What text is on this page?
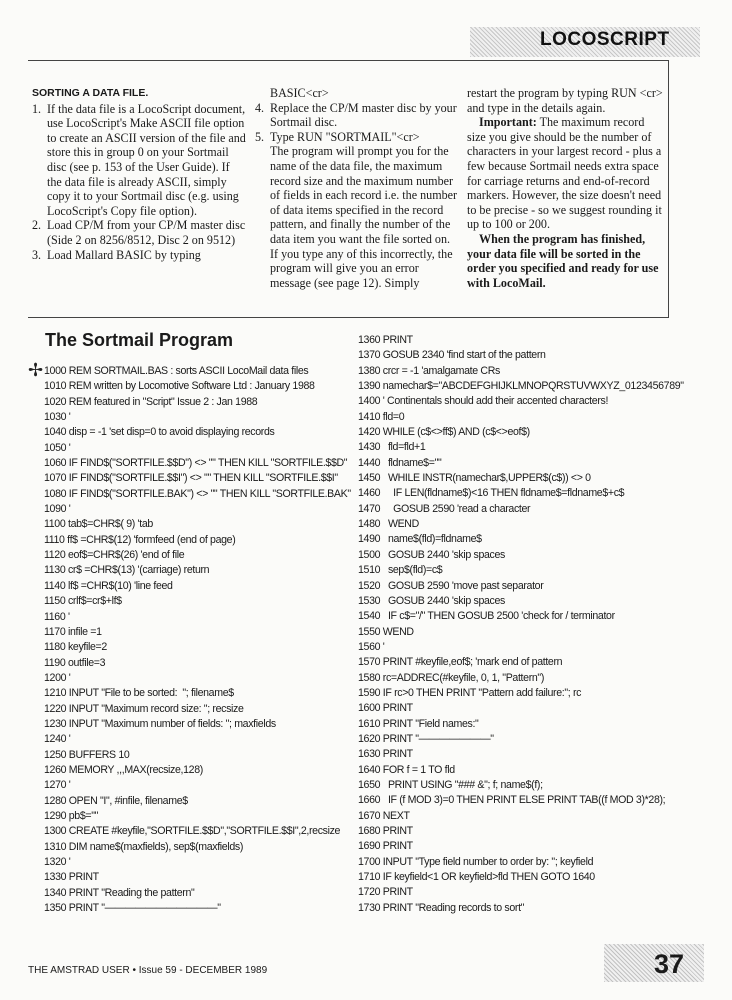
LOCOSCRIPT
SORTING A DATA FILE.
1. If the data file is a LocoScript document, use LocoScript's Make ASCII file option to create an ASCII version of the file and store this in group 0 on your Sortmail disc (see p. 153 of the User Guide). If the data file is already ASCII, simply copy it to your Sortmail disc (e.g. using LocoScript's Copy file option).
2. Load CP/M from your CP/M master disc (Side 2 on 8256/8512, Disc 2 on 9512)
3. Load Mallard BASIC by typing
BASIC<cr>
4. Replace the CP/M master disc by your Sortmail disc.
5. Type RUN "SORTMAIL"<cr>

The program will prompt you for the name of the data file, the maximum record size and the maximum number of fields in each record i.e. the number of data items specified in the record pattern, and finally the number of the data item you want the file sorted on. If you type any of this incorrectly, the program will give you an error message (see page 12). Simply

restart the program by typing RUN <cr> and type in the details again.

Important: The maximum record size you give should be the number of characters in your largest record - plus a few because Sortmail needs extra space for carriage returns and end-of-record markers. However, the size doesn't need to be precise - so we suggest rounding it up to 100 or 200.

When the program has finished, your data file will be sorted in the order you specified and ready for use with LocoMail.

The Sortmail Program
✢ 1000 REM SORTMAIL.BAS : sorts ASCII LocoMail data files
1010 REM written by Locomotive Software Ltd : January 1988
1020 REM featured in "Script" Issue 2 : Jan 1988
1030 '
1040 disp = -1 'set disp=0 to avoid displaying records
1050 '
1060 IF FIND$("SORTFILE.$$D") <> "" THEN KILL "SORTFILE.$$D"
1070 IF FIND$("SORTFILE.$$I") <> "" THEN KILL "SORTFILE.$$I"
1080 IF FIND$("SORTFILE.BAK") <> "" THEN KILL "SORTFILE.BAK"
1090 '
1100 tab$=CHR$( 9) 'tab
1110 ff$ =CHR$(12) 'formfeed (end of page)
1120 eof$=CHR$(26) 'end of file
1130 cr$ =CHR$(13) '(carriage) return
1140 lf$ =CHR$(10) 'line feed
1150 crlf$=cr$+lf$
1160 '
1170 infile =1
1180 keyfile=2
1190 outfile=3
1200 '
1210 INPUT "File to be sorted:  "; filename$
1220 INPUT "Maximum record size: "; recsize
1230 INPUT "Maximum number of fields: "; maxfields
1240 '
1250 BUFFERS 10
1260 MEMORY ,,,MAX(recsize,128)
1270 '
1280 OPEN "I", #infile, filename$
1290 pb$=""
1300 CREATE #keyfile,"SORTFILE.$$D","SORTFILE.$$I",2,recsize
1310 DIM name$(maxfields), sep$(maxfields)
1320 '
1330 PRINT
1340 PRINT "Reading the pattern"
1350 PRINT "———————————"
1360 PRINT
1370 GOSUB 2340 'find start of the pattern
1380 crcr = -1 'amalgamate CRs
1390 namechar$="ABCDEFGHIJKLMNOPQRSTUVWXYZ_0123456789"
1400 ' Continentals should add their accented characters!
1410 fld=0
1420 WHILE (c$<>ff$) AND (c$<>eof$)
1430   fld=fld+1
1440   fldname$=""
1450   WHILE INSTR(namechar$,UPPER$(c$)) <> 0
1460     IF LEN(fldname$)<16 THEN fldname$=fldname$+c$
1470     GOSUB 2590 'read a character
1480   WEND
1490   name$(fld)=fldname$
1500   GOSUB 2440 'skip spaces
1510   sep$(fld)=c$
1520   GOSUB 2590 'move past separator
1530   GOSUB 2440 'skip spaces
1540   IF c$="/" THEN GOSUB 2500 'check for / terminator
1550 WEND
1560 '
1570 PRINT #keyfile,eof$; 'mark end of pattern
1580 rc=ADDREC(#keyfile, 0, 1, "Pattern")
1590 IF rc>0 THEN PRINT "Pattern add failure:"; rc
1600 PRINT
1610 PRINT "Field names:"
1620 PRINT "———————"
1630 PRINT
1640 FOR f = 1 TO fld
1650   PRINT USING "### &"; f; name$(f);
1660   IF (f MOD 3)=0 THEN PRINT ELSE PRINT TAB((f MOD 3)*28);
1670 NEXT
1680 PRINT
1690 PRINT
1700 INPUT "Type field number to order by: "; keyfield
1710 IF keyfield<1 OR keyfield>fld THEN GOTO 1640
1720 PRINT
1730 PRINT "Reading records to sort"
THE AMSTRAD USER • Issue 59 - DECEMBER 1989	37
